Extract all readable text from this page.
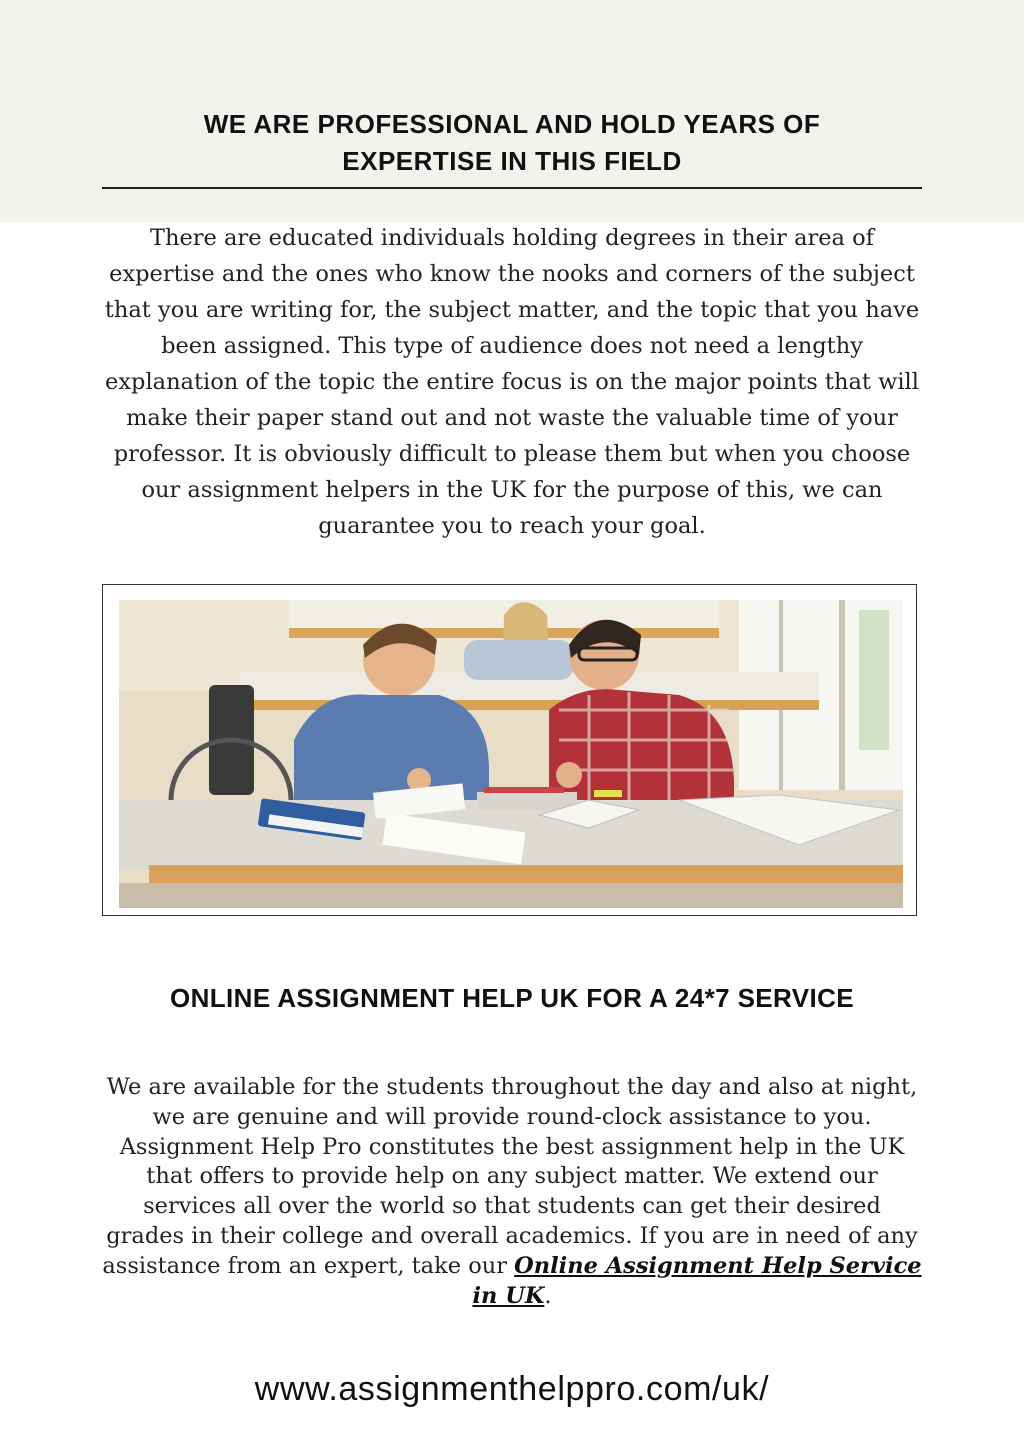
WE ARE PROFESSIONAL AND HOLD YEARS OF
EXPERTISE IN THIS FIELD

There are educated individuals holding degrees in their area of expertise and the ones who know the nooks and corners of the subject that you are writing for, the subject matter, and the topic that you have been assigned. This type of audience does not need a lengthy explanation of the topic the entire focus is on the major points that will make their paper stand out and not waste the valuable time of your professor. It is obviously difficult to please them but when you choose our assignment helpers in the UK for the purpose of this, we can guarantee you to reach your goal.

ONLINE ASSIGNMENT HELP UK FOR A 24*7 SERVICE

We are available for the students throughout the day and also at night, we are genuine and will provide round-clock assistance to you. Assignment Help Pro constitutes the best assignment help in the UK that offers to provide help on any subject matter. We extend our services all over the world so that students can get their desired grades in their college and overall academics. If you are in need of any assistance from an expert, take our Online Assignment Help Service in UK.

www.assignmenthelppro.com/uk/
